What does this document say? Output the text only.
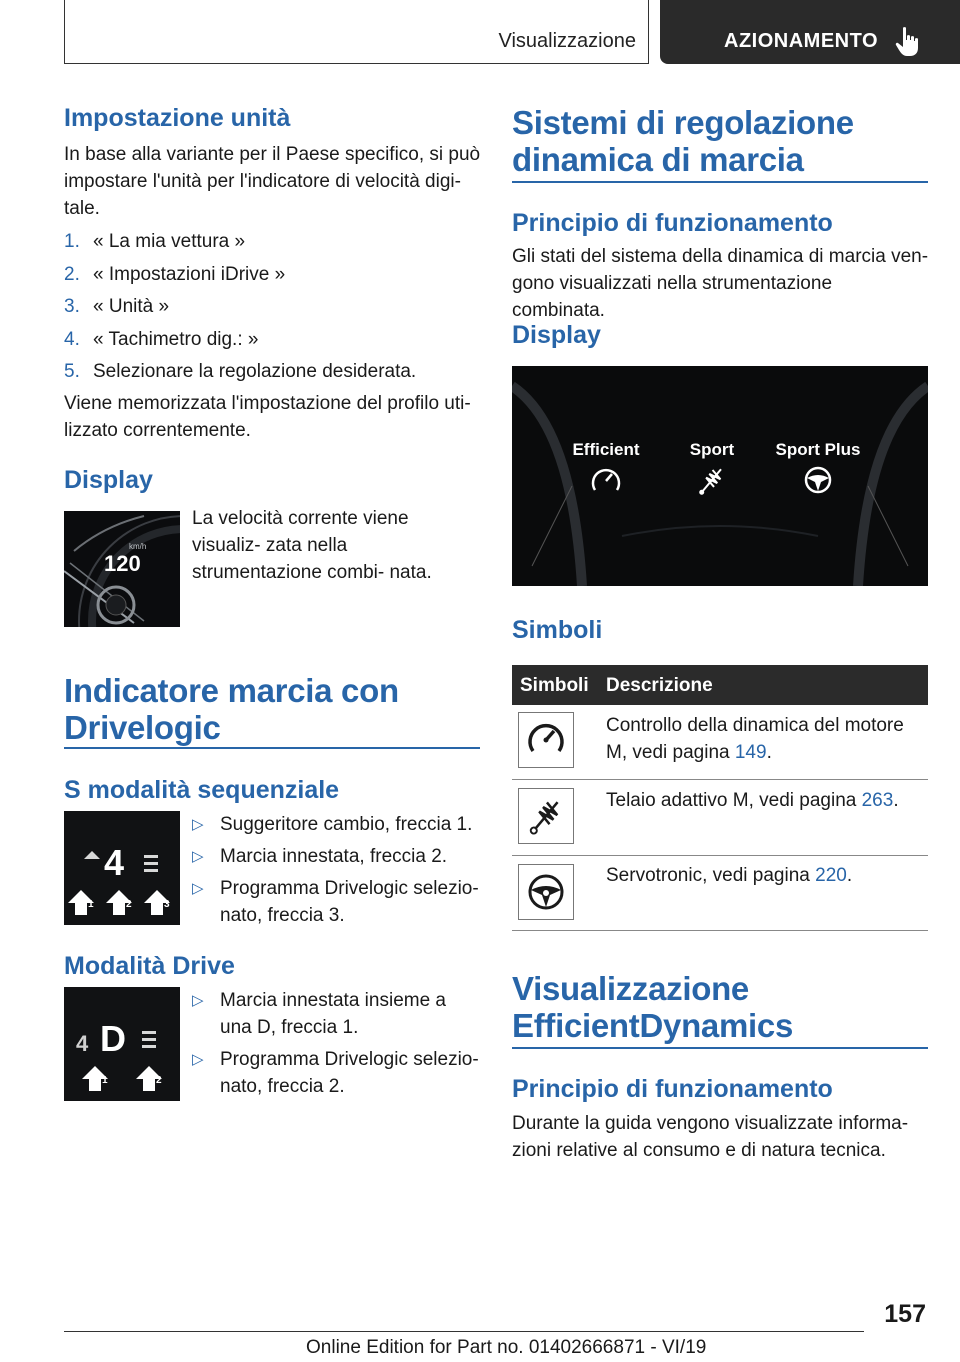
Visualizzazione	AZIONAMENTO
Impostazione unità
In base alla variante per il Paese specifico, si può impostare l'unità per l'indicatore di velocità digi- tale.
1. « La mia vettura »
2. « Impostazioni iDrive »
3. « Unità »
4. « Tachimetro dig.: »
5. Selezionare la regolazione desiderata.
Viene memorizzata l'impostazione del profilo uti- lizzato correntemente.
Display
km/h
120
La velocità corrente viene visualiz- zata nella strumentazione combi- nata.
Indicatore marcia con Drivelogic
S modalità sequenziale
4
1	2	3
▷ Suggeritore cambio, freccia 1.
▷ Marcia innestata, freccia 2.
▷ Programma Drivelogic selezio- nato, freccia 3.
Modalità Drive
4 D
1	2
▷ Marcia innestata insieme a una D, freccia 1.
▷ Programma Drivelogic selezio- nato, freccia 2.
Sistemi di regolazione dinamica di marcia
Principio di funzionamento
Gli stati del sistema della dinamica di marcia ven- gono visualizzati nella strumentazione combinata.
Display
Efficient	Sport Sport Plus
Simboli
Simboli Descrizione
Controllo della dinamica del motore M, vedi pagina 149.
Telaio adattivo M, vedi pagina 263.
Servotronic, vedi pagina 220.
Visualizzazione EfficientDynamics
Principio di funzionamento
Durante la guida vengono visualizzate informa- zioni relative al consumo e di natura tecnica.
157
Online Edition for Part no. 01402666871 - VI/19
